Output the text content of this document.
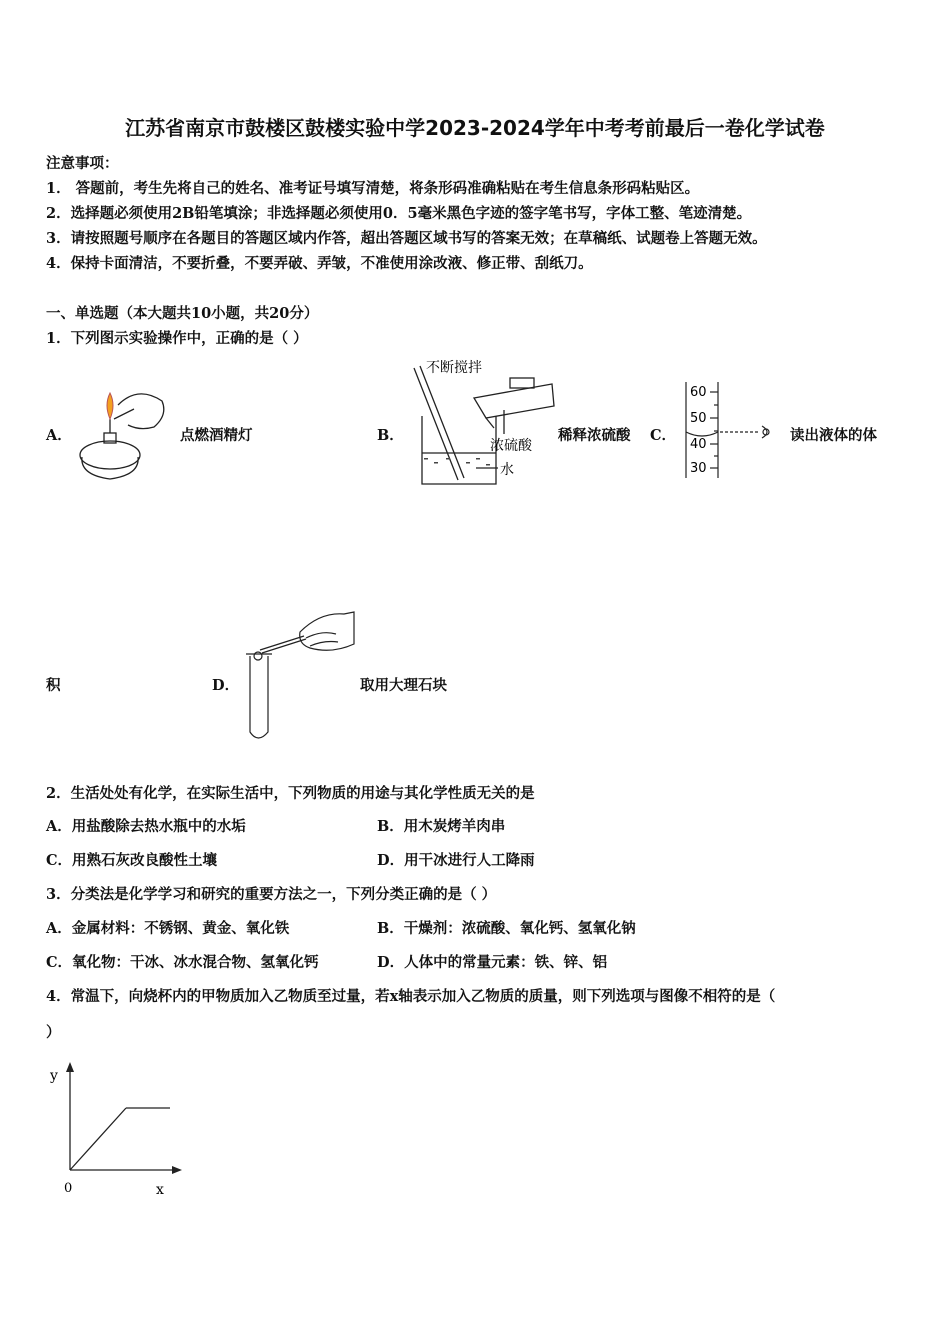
江苏省南京市鼓楼区鼓楼实验中学2023-2024学年中考考前最后一卷化学试卷
注意事项：
1． 答题前，考生先将自己的姓名、准考证号填写清楚，将条形码准确粘贴在考生信息条形码粘贴区。
2．选择题必须使用2B铅笔填涂；非选择题必须使用0．5毫米黑色字迹的签字笔书写，字体工整、笔迹清楚。
3．请按照题号顺序在各题目的答题区域内作答，超出答题区域书写的答案无效；在草稿纸、试题卷上答题无效。
4．保持卡面清洁，不要折叠，不要弄破、弄皱，不准使用涂改液、修正带、刮纸刀。
一、单选题（本大题共10小题，共20分）
1．下列图示实验操作中，正确的是（ ）
A．	点燃酒精灯	B．
不断搅拌
浓硫酸
水
稀释浓硫酸 C．
60
50
40
30
读出液体的体
积	D．	取用大理石块
2．生活处处有化学，在实际生活中，下列物质的用途与其化学性质无关的是
A．用盐酸除去热水瓶中的水垢	B．用木炭烤羊肉串
C．用熟石灰改良酸性土壤	D．用干冰进行人工降雨
3．分类法是化学学习和研究的重要方法之一，下列分类正确的是（ ）
A．金属材料：不锈钢、黄金、氧化铁	B．干燥剂：浓硫酸、氧化钙、氢氧化钠
C．氧化物：干冰、冰水混合物、氢氧化钙	D．人体中的常量元素：铁、锌、铝
4．常温下，向烧杯内的甲物质加入乙物质至过量，若x轴表示加入乙物质的质量，则下列选项与图像不相符的是（
）
y
x
0
